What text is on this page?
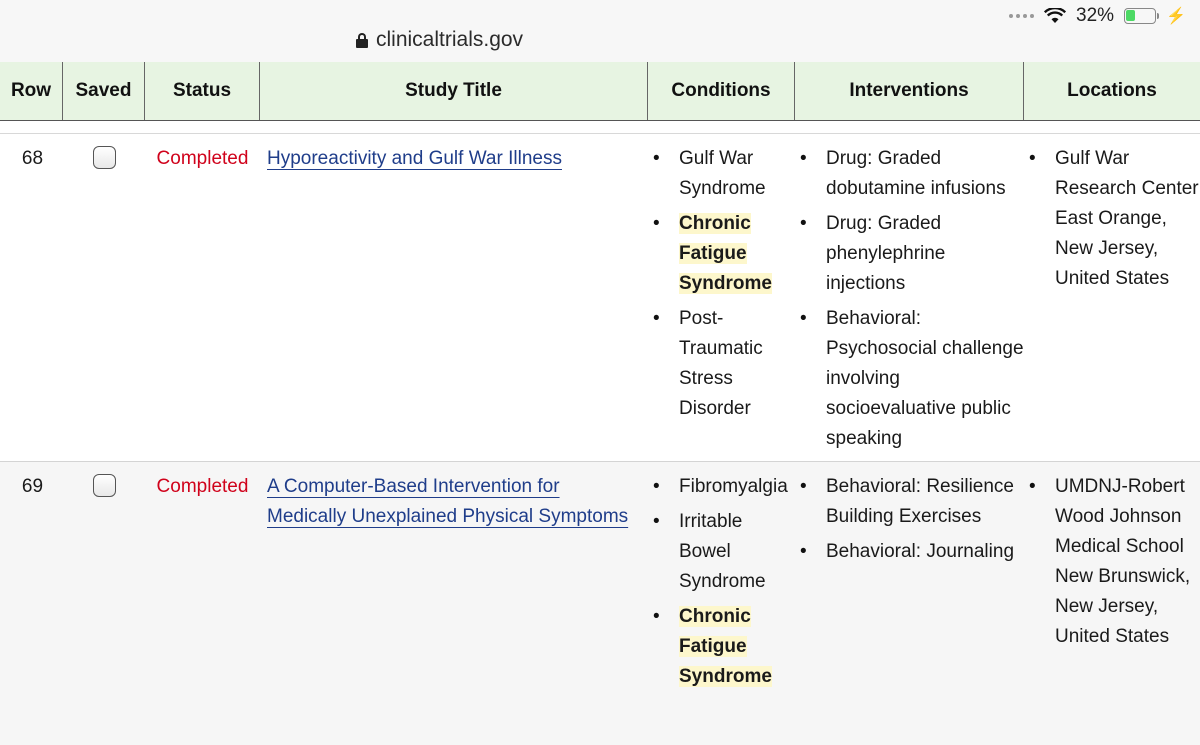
clinicaltrials.gov
32%	⚡
Row	Saved	Status	Study Title	Conditions	Interventions	Locations
68	Completed Hyporeactivity and Gulf War Illness
•	Gulf War Syndrome
• Chronic Fatigue Syndrome
• Post-Traumatic Stress Disorder
• Drug: Graded dobutamine infusions
• Drug: Graded phenylephrine injections
• Behavioral: Psychosocial challenge involving socioevaluative public speaking
• Gulf War Research Center
East Orange, New Jersey, United States
69	Completed A Computer-Based Intervention for Medically Unexplained Physical Symptoms
• Fibromyalgia
• Irritable Bowel Syndrome
• Chronic Fatigue Syndrome
• Behavioral: Resilience Building Exercises
• Behavioral: Journaling
• UMDNJ-Robert Wood Johnson Medical School
New Brunswick, New Jersey, United States
